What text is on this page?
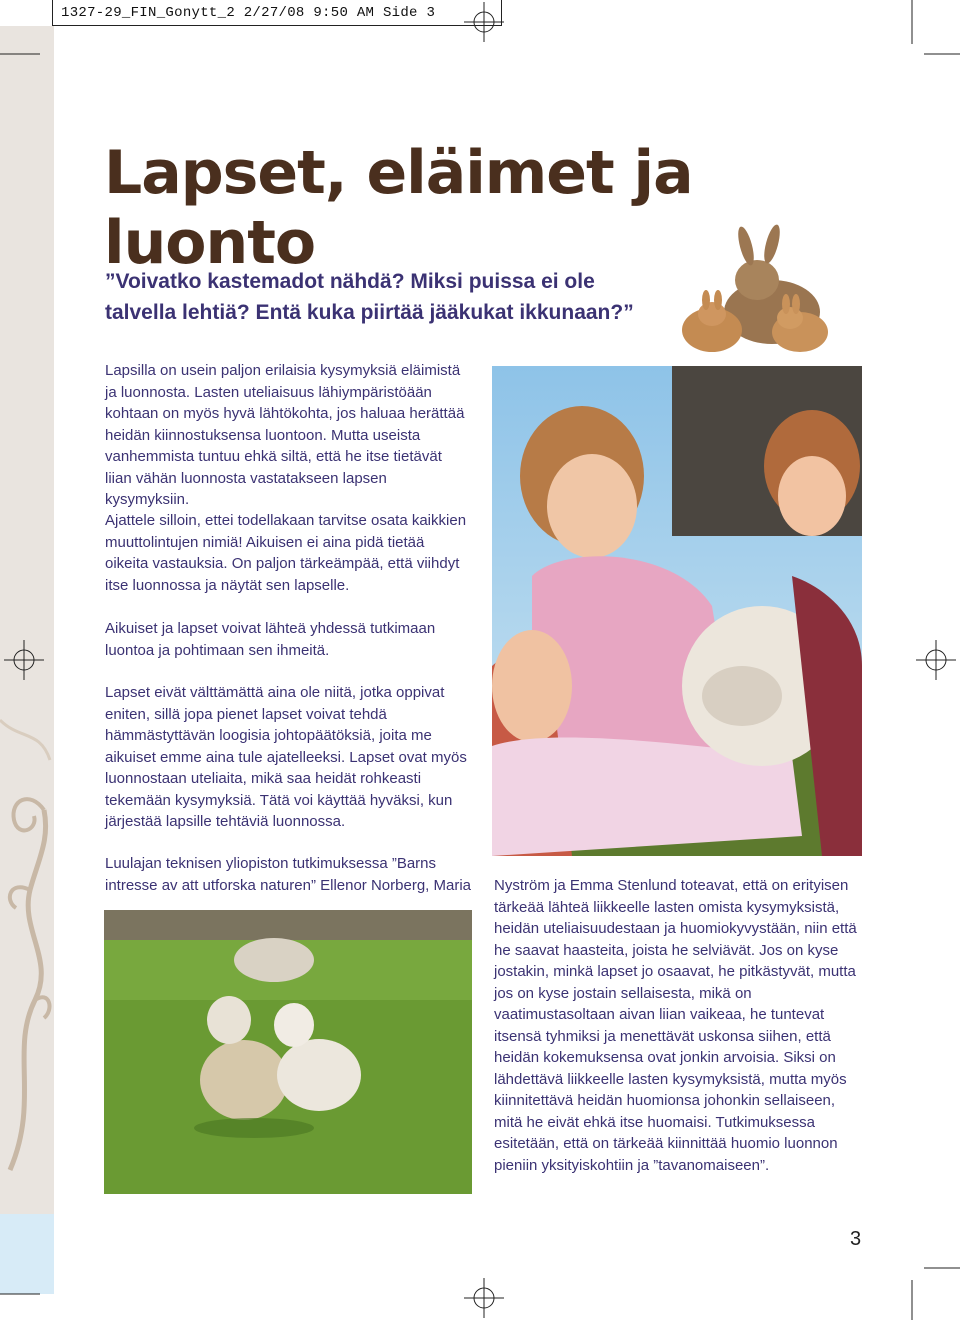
1327-29_FIN_Gonytt_2 2/27/08 9:50 AM Side 3
Lapset, eläimet ja luonto
”Voivatko kastemadot nähdä? Miksi puissa ei ole talvella lehtiä? Entä kuka piirtää jääkukat ikkunaan?”
Lapsilla on usein paljon erilaisia kysymyksiä eläimistä ja luonnosta. Lasten uteliaisuus lähiympäristöään kohtaan on myös hyvä lähtökohta, jos haluaa herättää heidän kiinnostuksensa luontoon. Mutta useista vanhemmista tuntuu ehkä siltä, että he itse tietävät liian vähän luonnosta vastatakseen lapsen kysymyksiin.
Ajattele silloin, ettei todellakaan tarvitse osata kaikkien muuttolintujen nimiä! Aikuisen ei aina pidä tietää oikeita vastauksia. On paljon tärkeämpää, että viihdyt itse luonnossa ja näytät sen lapselle.
Aikuiset ja lapset voivat lähteä yhdessä tutkimaan luontoa ja pohtimaan sen ihmeitä.
Lapset eivät välttämättä aina ole niitä, jotka oppivat eniten, sillä jopa pienet lapset voivat tehdä hämmästyttävän loogisia johtopäätöksiä, joita me aikuiset emme aina tule ajatelleeksi. Lapset ovat myös luonnostaan uteliaita, mikä saa heidät rohkeasti tekemään kysymyksiä. Tätä voi käyttää hyväksi, kun järjestää lapsille tehtäviä luonnossa.
Luulajan teknisen yliopiston tutkimuksessa ”Barns intresse av att utforska naturen” Ellenor Norberg, Maria Nyström ja Emma Stenlund toteavat, että on erityisen tärkeää lähteä liikkeelle lasten omista kysymyksistä, heidän uteliaisuudestaan ja huomiokyvystään, niin että he saavat haasteita, joista he selviävät. Jos on kyse jostakin, minkä lapset jo osaavat, he pitkästyvät, mutta jos on kyse jostain sellaisesta, mikä on vaatimustasoltaan aivan liian vaikeaa, he tuntevat itsensä tyhmiksi ja menettävät uskonsa siihen, että heidän kokemuksensa ovat jonkin arvoisia. Siksi on lähdettävä liikkeelle lasten kysymyksistä, mutta myös kiinnitettävä heidän huomionsa johonkin sellaiseen, mitä he eivät ehkä itse huomaisi. Tutkimuksessa esitetään, että on tärkeää kiinnittää huomio luonnon pieniin yksityiskohtiin ja ”tavanomaiseen”.
3
